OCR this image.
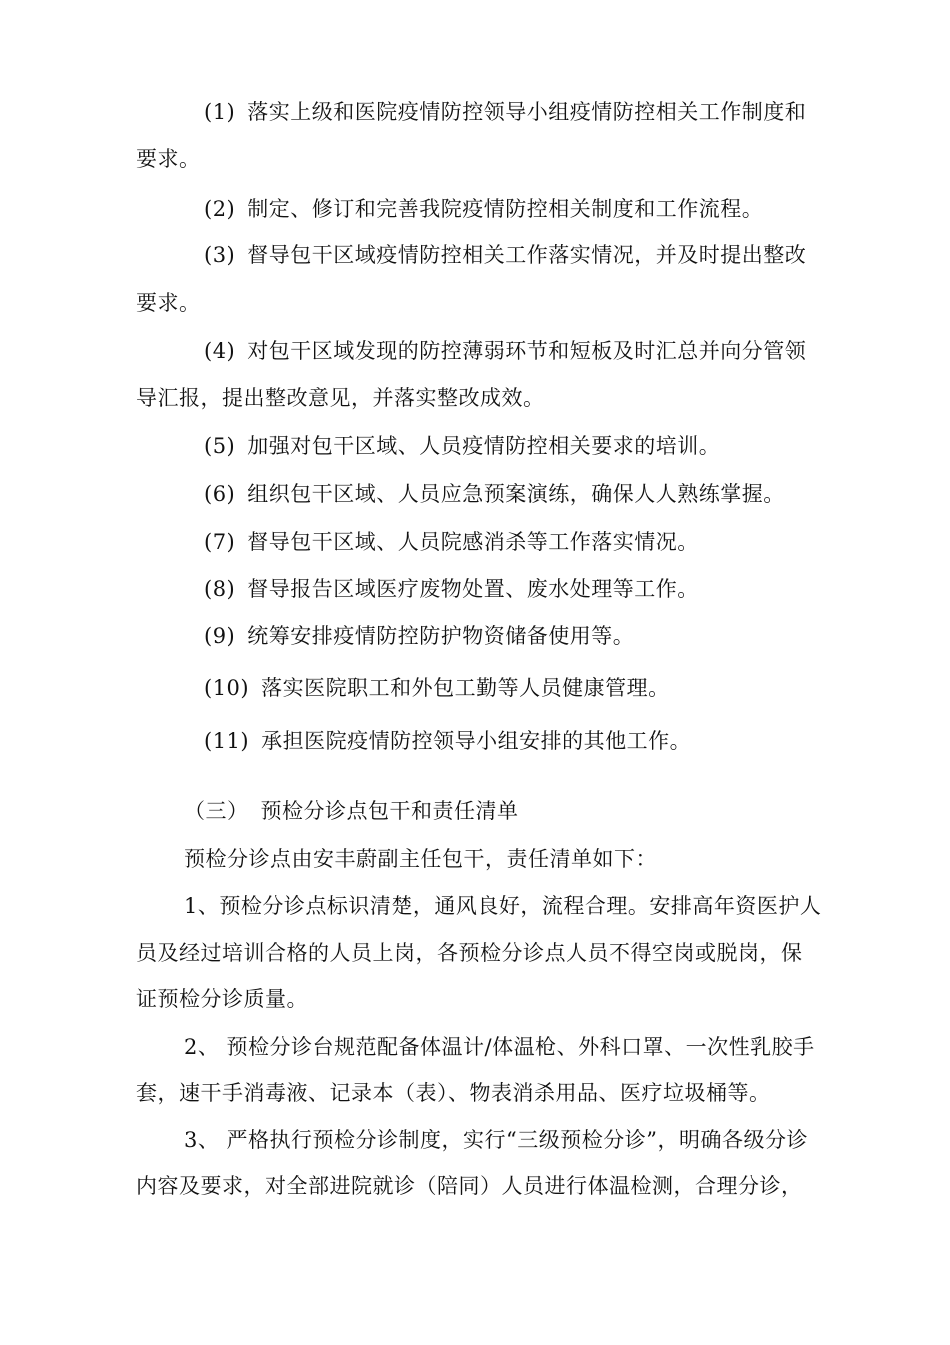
(1) 落实上级和医院疫情防控领导小组疫情防控相关工作制度和
要求。
(2) 制定、修订和完善我院疫情防控相关制度和工作流程。
(3) 督导包干区域疫情防控相关工作落实情况，并及时提出整改
要求。
(4) 对包干区域发现的防控薄弱环节和短板及时汇总并向分管领
导汇报，提出整改意见，并落实整改成效。
(5) 加强对包干区域、人员疫情防控相关要求的培训。
(6) 组织包干区域、人员应急预案演练，确保人人熟练掌握。
(7) 督导包干区域、人员院感消杀等工作落实情况。
(8) 督导报告区域医疗废物处置、废水处理等工作。
(9) 统筹安排疫情防控防护物资储备使用等。
(10) 落实医院职工和外包工勤等人员健康管理。
(11) 承担医院疫情防控领导小组安排的其他工作。
（三） 预检分诊点包干和责任清单
预检分诊点由安丰蔚副主任包干，责任清单如下：
1、预检分诊点标识清楚，通风良好，流程合理。安排高年资医护人
员及经过培训合格的人员上岗，各预检分诊点人员不得空岗或脱岗，保
证预检分诊质量。
2、 预检分诊台规范配备体温计/体温枪、外科口罩、一次性乳胶手
套，速干手消毒液、记录本（表）、物表消杀用品、医疗垃圾桶等。
3、 严格执行预检分诊制度，实行“三级预检分诊”，明确各级分诊
内容及要求，对全部进院就诊（陪同）人员进行体温检测，合理分诊，
